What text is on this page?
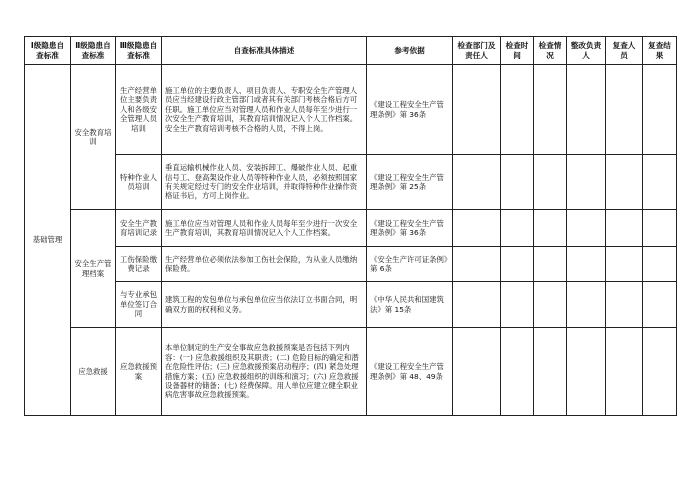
Ⅰ级隐患自查标准	Ⅱ级隐患自查标准	Ⅲ级隐患自查标准	自查标准具体描述	参考依据	检查部门及责任人	检查时间	检查情况	整改负责人	复查人员	复查结果
基础管理	安全教育培训	生产经营单位主要负责人和各级安全管理人员培训	施工单位的主要负责人、项目负责人、专职安全生产管理人员应当经建设行政主管部门或者其有关部门考核合格后方可任职。施工单位应当对管理人员和作业人员每年至少进行一次安全生产教育培训，其教育培训情况记入个人工作档案。安全生产教育培训考核不合格的人员，不得上岗。	《建设工程安全生产管理条例》第 36条						
		特种作业人员培训	垂直运输机械作业人员、安装拆卸工、爆破作业人员、起重信号工、登高架设作业人员等特种作业人员，必须按照国家有关规定经过专门的安全作业培训，并取得特种作业操作资格证书后，方可上岗作业。	《建设工程安全生产管理条例》第 25条						
	安全生产管理档案	安全生产教育培训记录	施工单位应当对管理人员和作业人员每年至少进行一次安全生产教育培训，其教育培训情况记入个人工作档案。	《建设工程安全生产管理条例》第 36条						
		工伤保险缴费记录	生产经营单位必须依法参加工伤社会保险，为从业人员缴纳保险费。	《安全生产许可证条例》第 6条						
		与专业承包单位签订合同	建筑工程的发包单位与承包单位应当依法订立书面合同，明确双方面的权利和义务。	《中华人民共和国建筑法》第 15条						
	应急救援	应急救援预案	本单位制定的生产安全事故应急救援预案是否包括下列内容：(一) 应急救援组织及其职责；(二) 危险目标的确定和潜在危险性评估；(三) 应急救援预案启动程序；(四) 紧急处理措施方案；(五) 应急救援组织的训练和演习；(六) 应急救援设备器材的储备；(七) 经费保障。用人单位应建立健全职业病危害事故应急救援预案。	《建设工程安全生产管理条例》第 48、49条						
